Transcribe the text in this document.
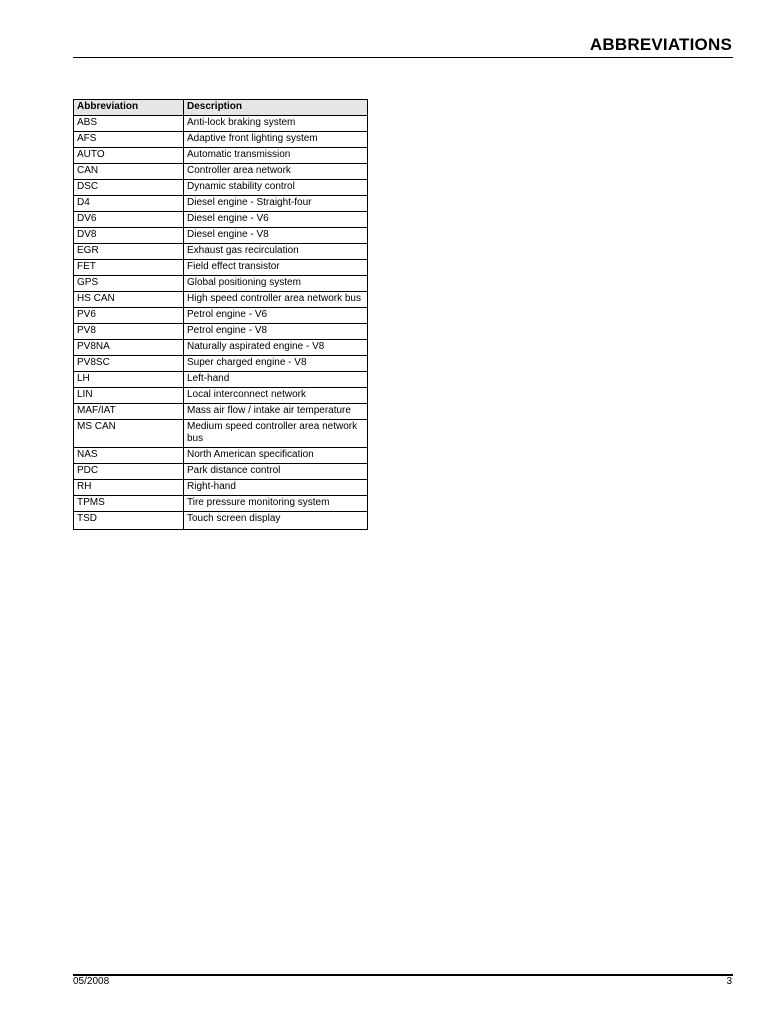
ABBREVIATIONS
Abbreviation	Description
ABS	Anti-lock braking system
AFS	Adaptive front lighting system
AUTO	Automatic transmission
CAN	Controller area network
DSC	Dynamic stability control
D4	Diesel engine - Straight-four
DV6	Diesel engine - V6
DV8	Diesel engine - V8
EGR	Exhaust gas recirculation
FET	Field effect transistor
GPS	Global positioning system
HS CAN	High speed controller area network bus
PV6	Petrol engine - V6
PV8	Petrol engine - V8
PV8NA	Naturally aspirated engine - V8
PV8SC	Super charged engine - V8
LH	Left-hand
LIN	Local interconnect network
MAF/IAT	Mass air flow / intake air temperature
MS CAN	Medium speed controller area network bus
NAS	North American specification
PDC	Park distance control
RH	Right-hand
TPMS	Tire pressure monitoring system
TSD	Touch screen display
05/2008	3
